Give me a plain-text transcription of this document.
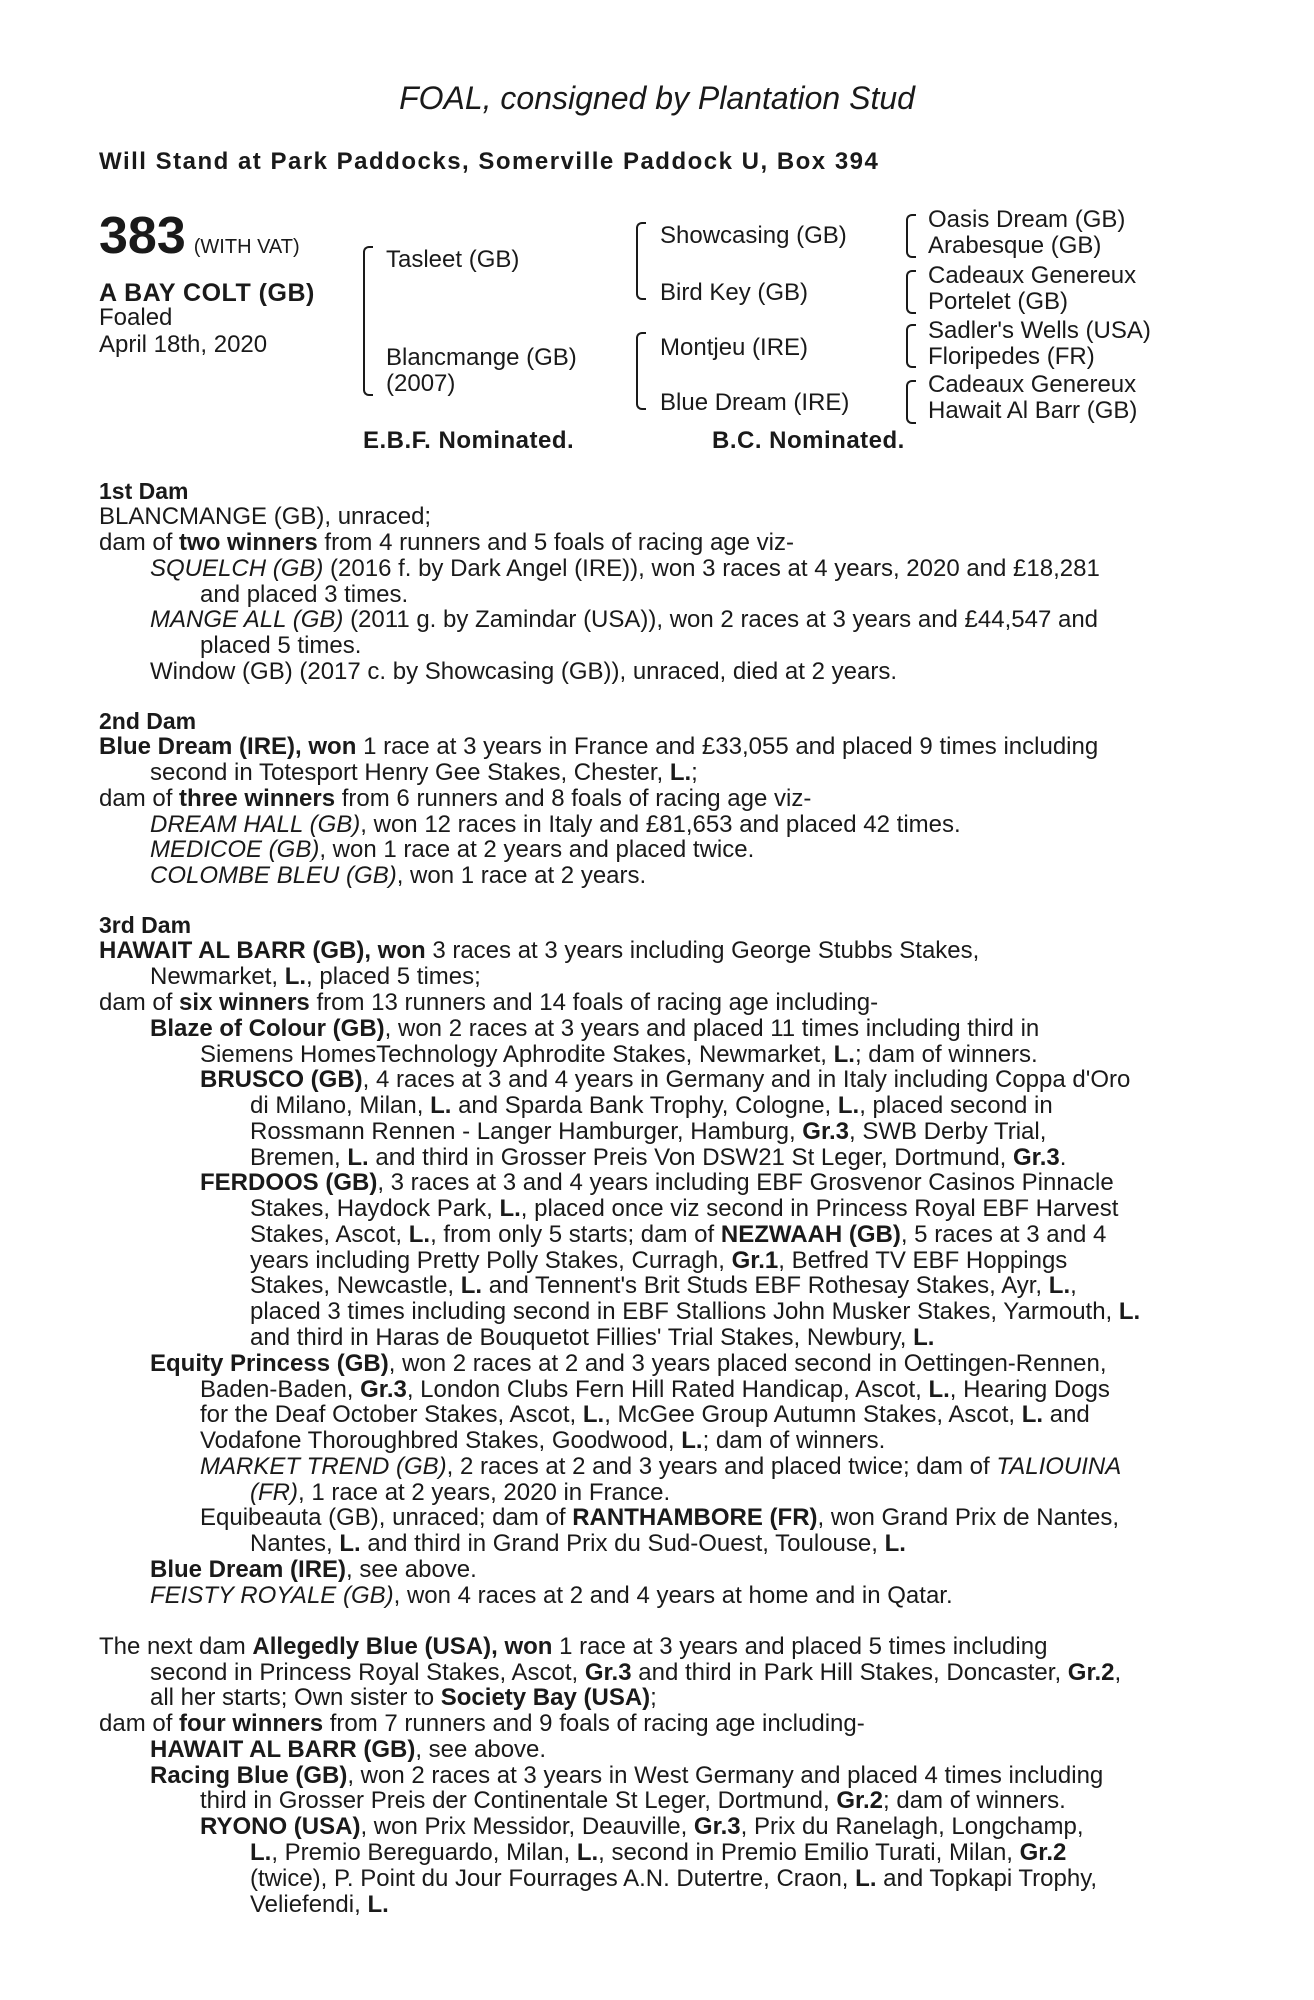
FOAL, consigned by Plantation Stud
Will Stand at Park Paddocks, Somerville Paddock U, Box 394
383 (WITH VAT)
A BAY COLT (GB)
Foaled
April 18th, 2020
Tasleet (GB)
Blancmange (GB)
(2007)
Showcasing (GB)
Bird Key (GB)
Montjeu (IRE)
Blue Dream (IRE)
Oasis Dream (GB)
Arabesque (GB)
Cadeaux Genereux
Portelet (GB)
Sadler's Wells (USA)
Floripedes (FR)
Cadeaux Genereux
Hawait Al Barr (GB)
E.B.F. Nominated.	B.C. Nominated.
1st Dam
BLANCMANGE (GB), unraced;
dam of two winners from 4 runners and 5 foals of racing age viz-
SQUELCH (GB) (2016 f. by Dark Angel (IRE)), won 3 races at 4 years, 2020 and £18,281
and placed 3 times.
MANGE ALL (GB) (2011 g. by Zamindar (USA)), won 2 races at 3 years and £44,547 and
placed 5 times.
Window (GB) (2017 c. by Showcasing (GB)), unraced, died at 2 years.
2nd Dam
Blue Dream (IRE), won 1 race at 3 years in France and £33,055 and placed 9 times including
second in Totesport Henry Gee Stakes, Chester, L.;
dam of three winners from 6 runners and 8 foals of racing age viz-
DREAM HALL (GB), won 12 races in Italy and £81,653 and placed 42 times.
MEDICOE (GB), won 1 race at 2 years and placed twice.
COLOMBE BLEU (GB), won 1 race at 2 years.
3rd Dam
HAWAIT AL BARR (GB), won 3 races at 3 years including George Stubbs Stakes,
Newmarket, L., placed 5 times;
dam of six winners from 13 runners and 14 foals of racing age including-
Blaze of Colour (GB), won 2 races at 3 years and placed 11 times including third in
Siemens HomesTechnology Aphrodite Stakes, Newmarket, L.; dam of winners.
BRUSCO (GB), 4 races at 3 and 4 years in Germany and in Italy including Coppa d'Oro
di Milano, Milan, L. and Sparda Bank Trophy, Cologne, L., placed second in
Rossmann Rennen - Langer Hamburger, Hamburg, Gr.3, SWB Derby Trial,
Bremen, L. and third in Grosser Preis Von DSW21 St Leger, Dortmund, Gr.3.
FERDOOS (GB), 3 races at 3 and 4 years including EBF Grosvenor Casinos Pinnacle
Stakes, Haydock Park, L., placed once viz second in Princess Royal EBF Harvest
Stakes, Ascot, L., from only 5 starts; dam of NEZWAAH (GB), 5 races at 3 and 4
years including Pretty Polly Stakes, Curragh, Gr.1, Betfred TV EBF Hoppings
Stakes, Newcastle, L. and Tennent's Brit Studs EBF Rothesay Stakes, Ayr, L.,
placed 3 times including second in EBF Stallions John Musker Stakes, Yarmouth, L.
and third in Haras de Bouquetot Fillies' Trial Stakes, Newbury, L.
Equity Princess (GB), won 2 races at 2 and 3 years placed second in Oettingen-Rennen,
Baden-Baden, Gr.3, London Clubs Fern Hill Rated Handicap, Ascot, L., Hearing Dogs
for the Deaf October Stakes, Ascot, L., McGee Group Autumn Stakes, Ascot, L. and
Vodafone Thoroughbred Stakes, Goodwood, L.; dam of winners.
MARKET TREND (GB), 2 races at 2 and 3 years and placed twice; dam of TALIOUINA
(FR), 1 race at 2 years, 2020 in France.
Equibeauta (GB), unraced; dam of RANTHAMBORE (FR), won Grand Prix de Nantes,
Nantes, L. and third in Grand Prix du Sud-Ouest, Toulouse, L.
Blue Dream (IRE), see above.
FEISTY ROYALE (GB), won 4 races at 2 and 4 years at home and in Qatar.
The next dam Allegedly Blue (USA), won 1 race at 3 years and placed 5 times including
second in Princess Royal Stakes, Ascot, Gr.3 and third in Park Hill Stakes, Doncaster, Gr.2,
all her starts; Own sister to Society Bay (USA);
dam of four winners from 7 runners and 9 foals of racing age including-
HAWAIT AL BARR (GB), see above.
Racing Blue (GB), won 2 races at 3 years in West Germany and placed 4 times including
third in Grosser Preis der Continentale St Leger, Dortmund, Gr.2; dam of winners.
RYONO (USA), won Prix Messidor, Deauville, Gr.3, Prix du Ranelagh, Longchamp,
L., Premio Bereguardo, Milan, L., second in Premio Emilio Turati, Milan, Gr.2
(twice), P. Point du Jour Fourrages A.N. Dutertre, Craon, L. and Topkapi Trophy,
Veliefendi, L.
